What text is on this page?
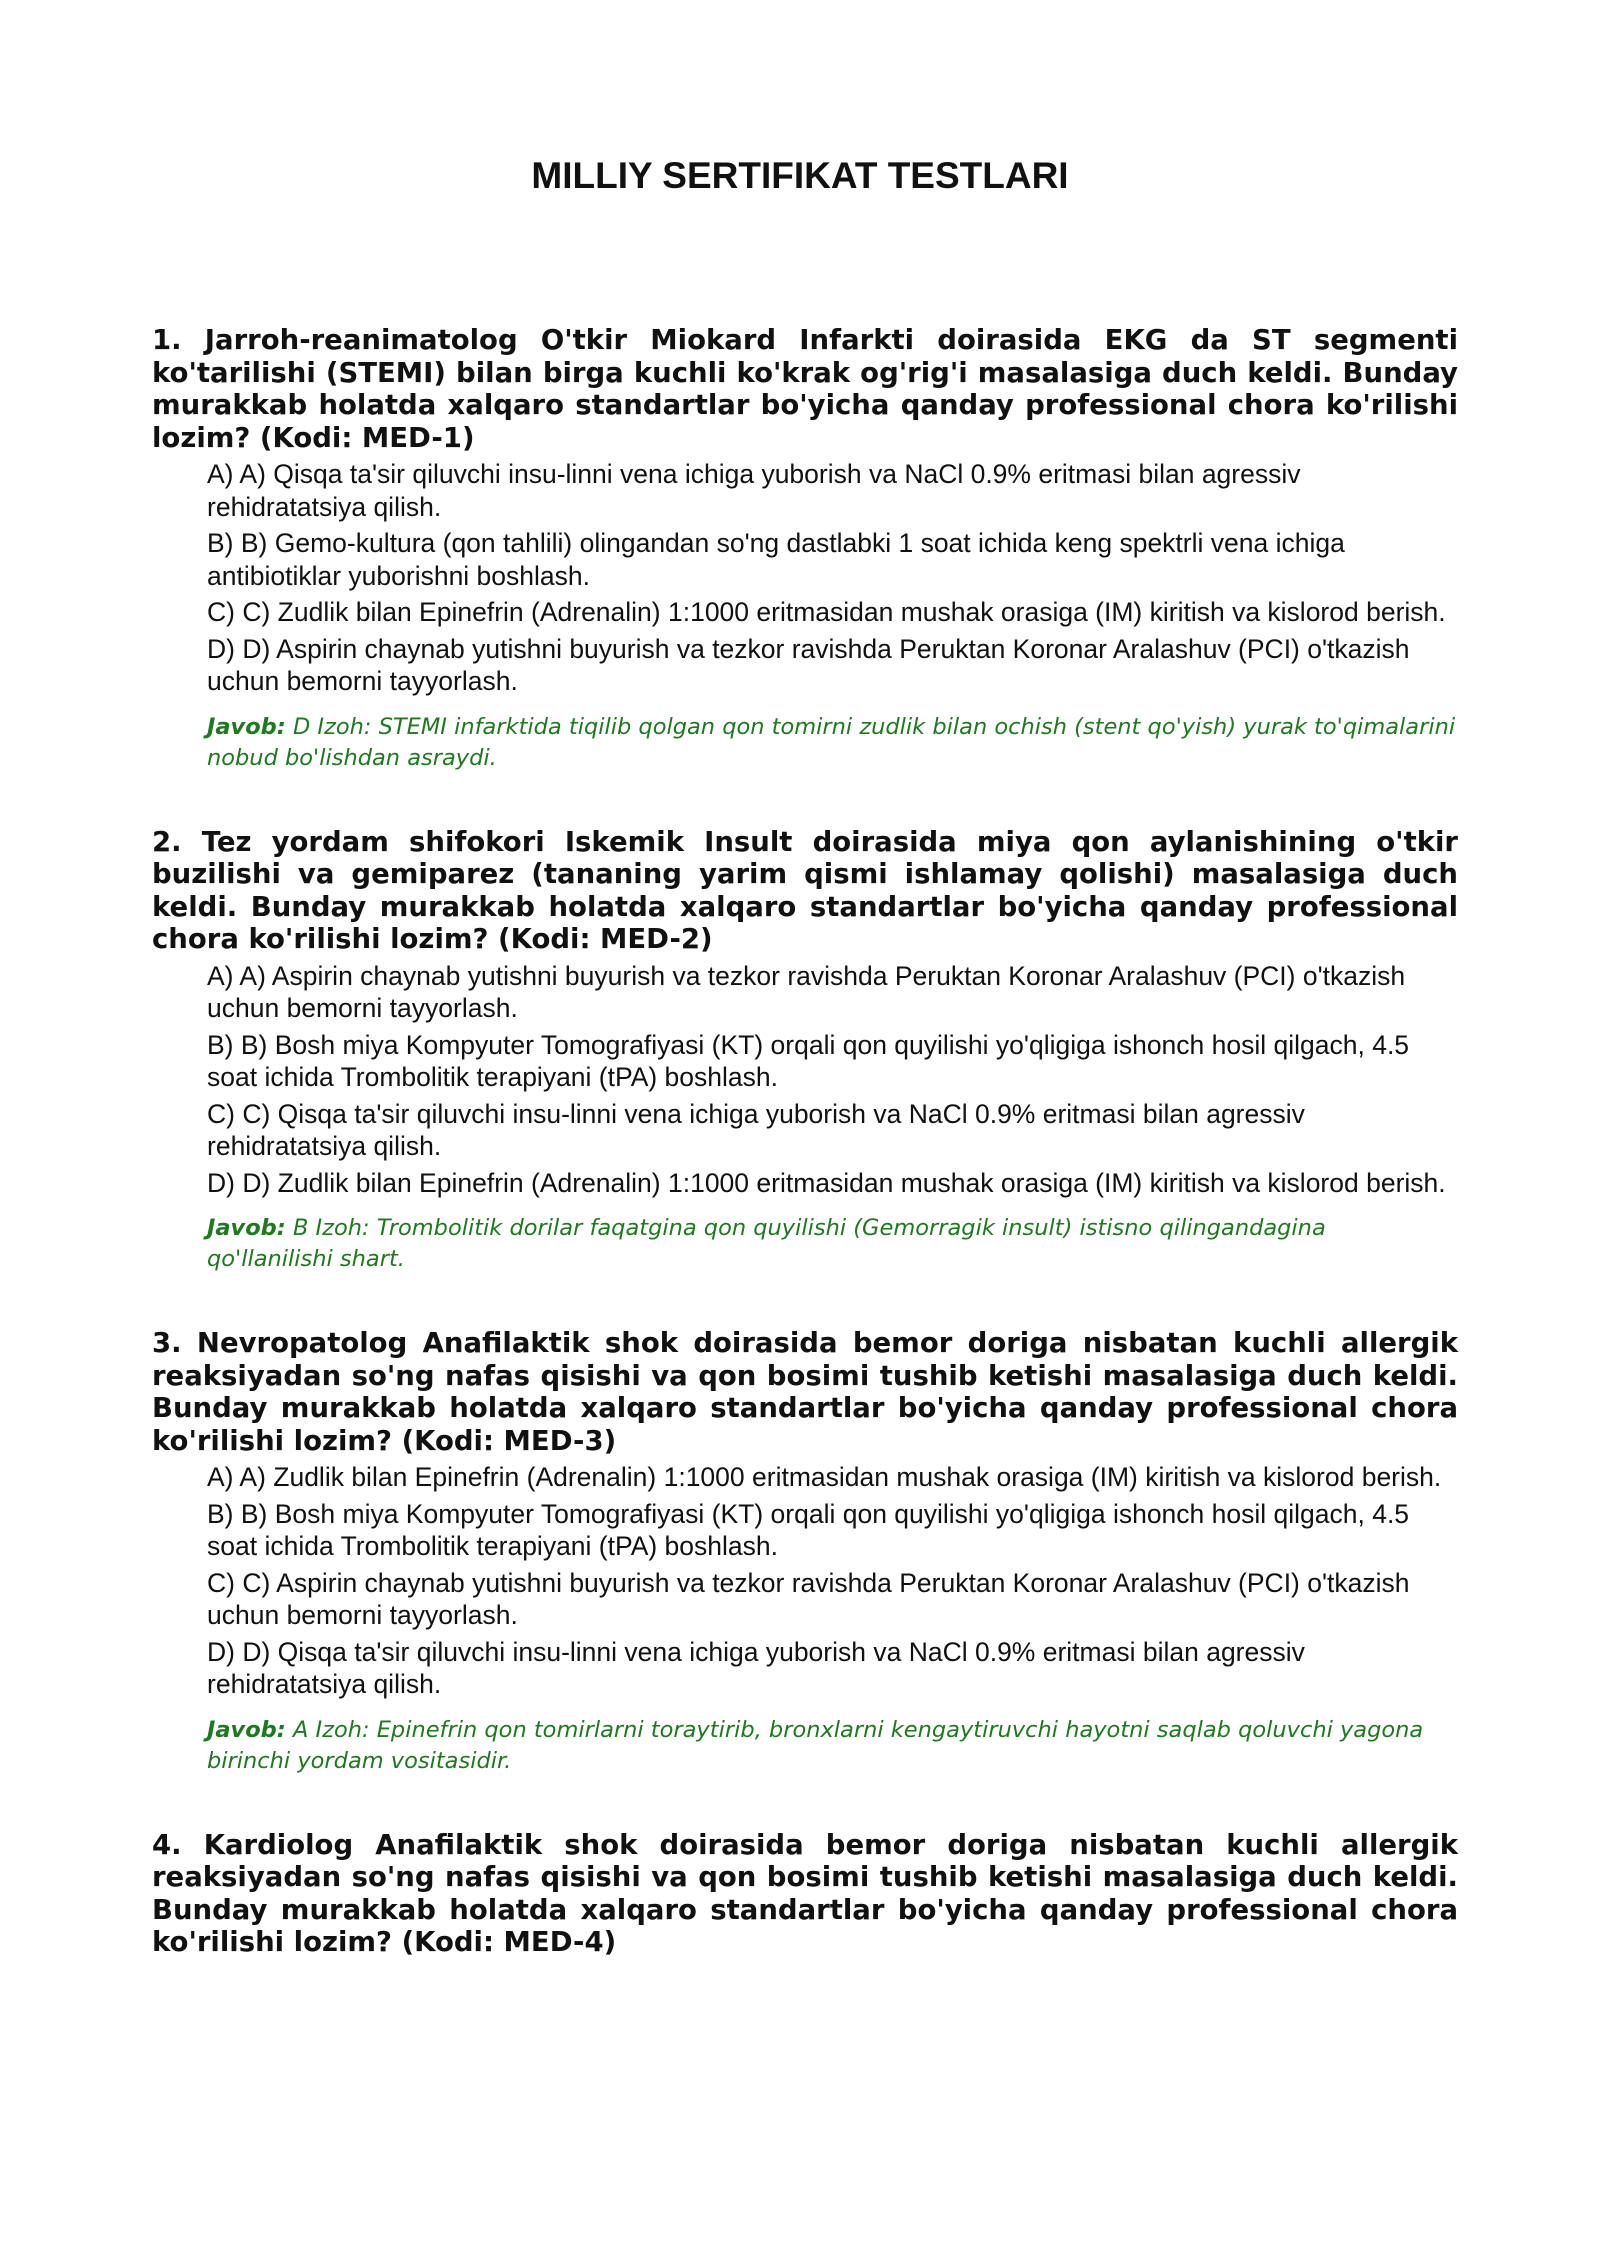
MILLIY SERTIFIKAT TESTLARI

1. Jarroh-reanimatolog O'tkir Miokard Infarkti doirasida EKG da ST segmenti ko'tarilishi (STEMI) bilan birga kuchli ko'krak og'rig'i masalasiga duch keldi. Bunday murakkab holatda xalqaro standartlar bo'yicha qanday professional chora ko'rilishi lozim? (Kodi: MED-1)

A) A) Qisqa ta'sir qiluvchi insu-linni vena ichiga yuborish va NaCl 0.9% eritmasi bilan agressiv rehidratatsiya qilish.
B) B) Gemo-kultura (qon tahlili) olingandan so'ng dastlabki 1 soat ichida keng spektrli vena ichiga antibiotiklar yuborishni boshlash.
C) C) Zudlik bilan Epinefrin (Adrenalin) 1:1000 eritmasidan mushak orasiga (IM) kiritish va kislorod berish.
D) D) Aspirin chaynab yutishni buyurish va tezkor ravishda Peruktan Koronar Aralashuv (PCI) o'tkazish uchun bemorni tayyorlash.
Javob: D Izoh: STEMI infarktida tiqilib qolgan qon tomirni zudlik bilan ochish (stent qo'yish) yurak to'qimalarini nobud bo'lishdan asraydi.

2. Tez yordam shifokori Iskemik Insult doirasida miya qon aylanishining o'tkir buzilishi va gemiparez (tananing yarim qismi ishlamay qolishi) masalasiga duch keldi. Bunday murakkab holatda xalqaro standartlar bo'yicha qanday professional chora ko'rilishi lozim? (Kodi: MED-2)

A) A) Aspirin chaynab yutishni buyurish va tezkor ravishda Peruktan Koronar Aralashuv (PCI) o'tkazish uchun bemorni tayyorlash.
B) B) Bosh miya Kompyuter Tomografiyasi (KT) orqali qon quyilishi yo'qligiga ishonch hosil qilgach, 4.5 soat ichida Trombolitik terapiyani (tPA) boshlash.
C) C) Qisqa ta'sir qiluvchi insu-linni vena ichiga yuborish va NaCl 0.9% eritmasi bilan agressiv rehidratatsiya qilish.
D) D) Zudlik bilan Epinefrin (Adrenalin) 1:1000 eritmasidan mushak orasiga (IM) kiritish va kislorod berish.
Javob: B Izoh: Trombolitik dorilar faqatgina qon quyilishi (Gemorragik insult) istisno qilingandagina qo'llanilishi shart.

3. Nevropatolog Anafilaktik shok doirasida bemor doriga nisbatan kuchli allergik reaksiyadan so'ng nafas qisishi va qon bosimi tushib ketishi masalasiga duch keldi. Bunday murakkab holatda xalqaro standartlar bo'yicha qanday professional chora ko'rilishi lozim? (Kodi: MED-3)

A) A) Zudlik bilan Epinefrin (Adrenalin) 1:1000 eritmasidan mushak orasiga (IM) kiritish va kislorod berish.
B) B) Bosh miya Kompyuter Tomografiyasi (KT) orqali qon quyilishi yo'qligiga ishonch hosil qilgach, 4.5 soat ichida Trombolitik terapiyani (tPA) boshlash.
C) C) Aspirin chaynab yutishni buyurish va tezkor ravishda Peruktan Koronar Aralashuv (PCI) o'tkazish uchun bemorni tayyorlash.
D) D) Qisqa ta'sir qiluvchi insu-linni vena ichiga yuborish va NaCl 0.9% eritmasi bilan agressiv rehidratatsiya qilish.
Javob: A Izoh: Epinefrin qon tomirlarni toraytirib, bronxlarni kengaytiruvchi hayotni saqlab qoluvchi yagona birinchi yordam vositasidir.

4. Kardiolog Anafilaktik shok doirasida bemor doriga nisbatan kuchli allergik reaksiyadan so'ng nafas qisishi va qon bosimi tushib ketishi masalasiga duch keldi. Bunday murakkab holatda xalqaro standartlar bo'yicha qanday professional chora ko'rilishi lozim? (Kodi: MED-4)
